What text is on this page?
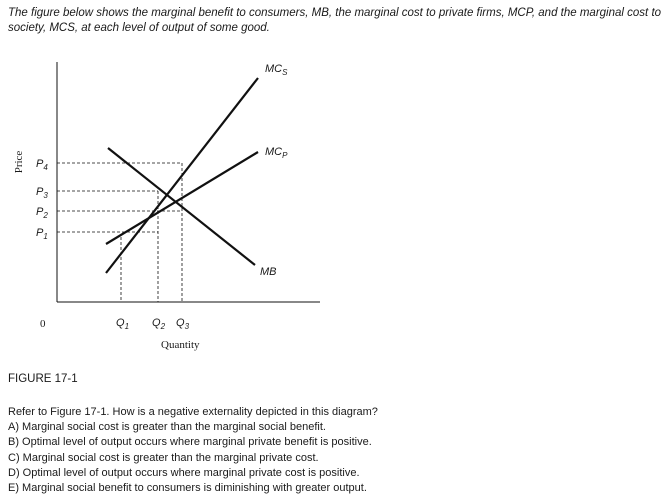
The figure below shows the marginal benefit to consumers, MB, the marginal cost to private firms, MCP, and the marginal cost to society, MCS, at each level of output of some good.
$MC_S$
$MC_P$
MB
Price $P_4$
$P_3$
$P_2$
$P_1$
0	$Q_1$ $Q_2$ $Q_3$
Quantity
FIGURE 17-1
Refer to Figure 17-1. How is a negative externality depicted in this diagram?
A) Marginal social cost is greater than the marginal social benefit.
B) Optimal level of output occurs where marginal private benefit is positive.
C) Marginal social cost is greater than the marginal private cost.
D) Optimal level of output occurs where marginal private cost is positive.
E) Marginal social benefit to consumers is diminishing with greater output.
